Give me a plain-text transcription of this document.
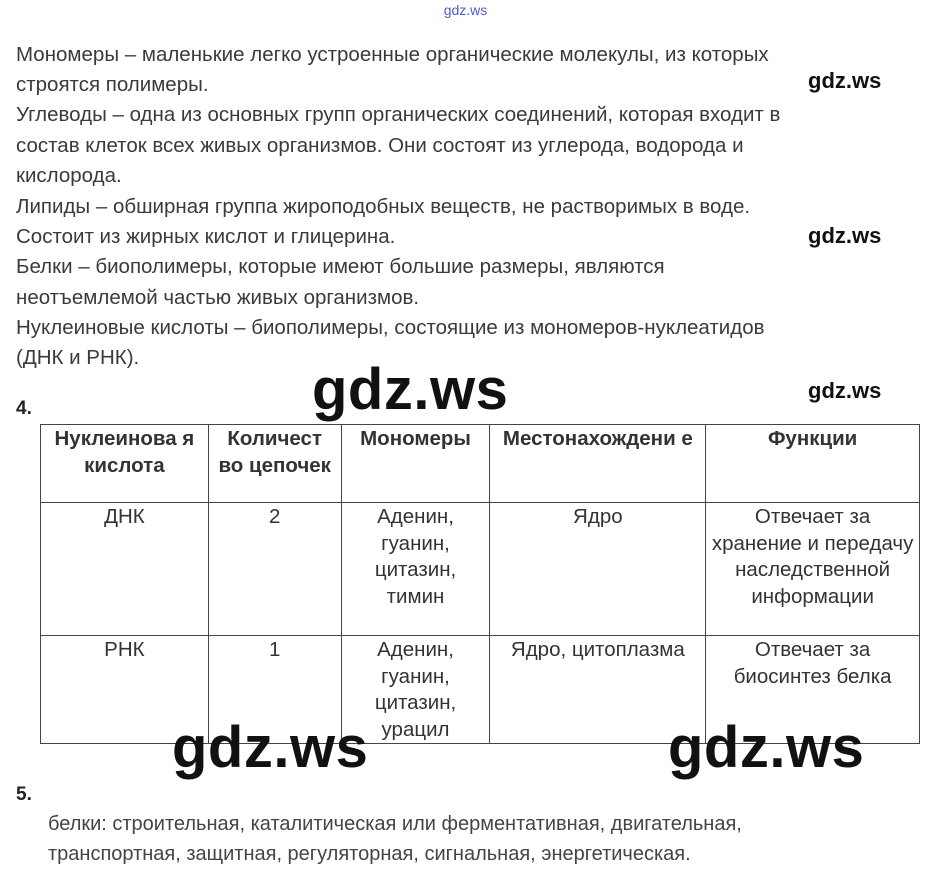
gdz.ws
Мономеры – маленькие легко устроенные органические молекулы, из которых
строятся полимеры.
Углеводы – одна из основных групп органических соединений, которая входит в
состав клеток всех живых организмов. Они состоят из углерода, водорода и
кислорода.
Липиды – обширная группа жироподобных веществ, не растворимых в воде.
Состоит из жирных кислот и глицерина.
Белки – биополимеры, которые имеют большие размеры, являются
неотъемлемой частью живых организмов.
Нуклеиновые кислоты – биополимеры, состоящие из мономеров-нуклеатидов
(ДНК и РНК).
gdz.ws
gdz.ws
gdz.ws
gdz.ws
4.
Нуклеинова я кислота	Количест во цепочек	Мономеры	Местонахождени е	Функции
ДНК	2	Аденин, гуанин, цитазин, тимин	Ядро	Отвечает за хранение и передачу наследственной информации
РНК	1	Аденин, гуанин, цитазин, урацил	Ядро, цитоплазма	Отвечает за биосинтез белка
gdz.ws	gdz.ws
5.
белки: строительная, каталитическая или ферментативная, двигательная,
транспортная, защитная, регуляторная, сигнальная, энергетическая.
